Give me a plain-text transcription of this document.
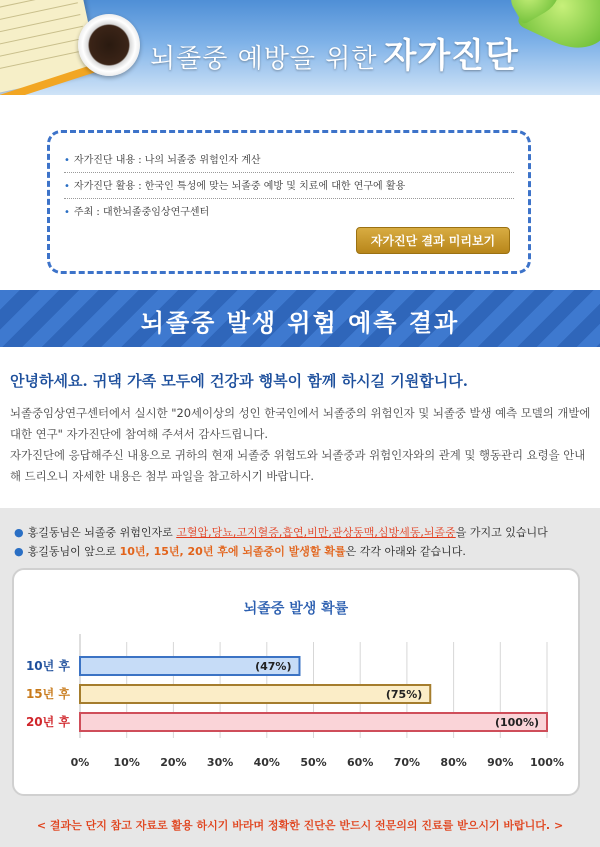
뇌졸중 예방을 위한 자가진단
• 자가진단 내용 : 나의 뇌졸중 위험인자 계산
• 자가진단 활용 : 한국인 특성에 맞는 뇌졸중 예방 및 치료에 대한 연구에 활용
• 주최 : 대한뇌졸중임상연구센터
자가진단 결과 미리보기
뇌졸중 발생 위험 예측 결과
안녕하세요. 귀댁 가족 모두에 건강과 행복이 함께 하시길 기원합니다.
뇌졸중임상연구센터에서 실시한 "20세이상의 성인 한국인에서 뇌졸중의 위험인자 및 뇌졸중 발생 예측 모델의 개발에 대한 연구" 자가진단에 참여해 주셔서 감사드립니다.
자가진단에 응답해주신 내용으로 귀하의 현재 뇌졸중 위험도와 뇌졸중과 위험인자와의 관계 및 행동관리 요령을 안내해 드리오니 자세한 내용은 첨부 파일을 참고하시기 바랍니다.
● 홍길동님은 뇌졸중 위험인자로 고혈압,당뇨,고지혈증,흡연,비만,관상동맥,심방세동,뇌졸중을 가지고 있습니다
● 홍길동님이 앞으로 10년, 15년, 20년 후에 뇌졸중이 발생할 확률은 각각 아래와 같습니다.
뇌졸중 발생 확률
0% 10% 20% 30% 40% 50% 60% 70% 80% 90% 100%
10년 후	(47%)
15년 후	(75%)
20년 후	(100%)
< 결과는 단지 참고 자료로 활용 하시기 바라며 정확한 진단은 반드시 전문의의 진료를 받으시기 바랍니다. >
